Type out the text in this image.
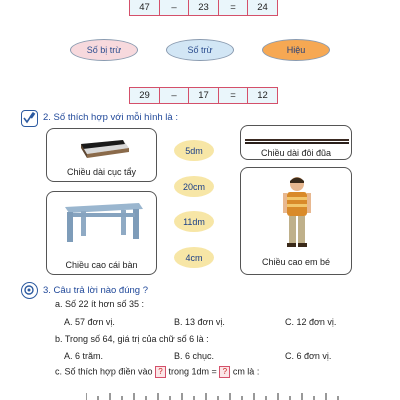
47	–	23	=	24
Số bị trừ	Số trừ	Hiệu
29	–	17	=	12
2. Số thích hợp với mỗi hình là :
Chiều dài cục tẩy
Chiều cao cái bàn
Chiều dài đôi đũa
Chiều cao em bé
5dm
20cm
11dm
4cm
3. Câu trả lời nào đúng ?
a. Số 22 ít hơn số 35 :
A. 57 đơn vị.	B. 13 đơn vị.	C. 12 đơn vị.
b. Trong số 64, giá trị của chữ số 6 là :
A. 6 trăm.	B. 6 chục.	C. 6 đơn vị.
c. Số thích hợp điền vào ? trong 1dm = ? cm là :
